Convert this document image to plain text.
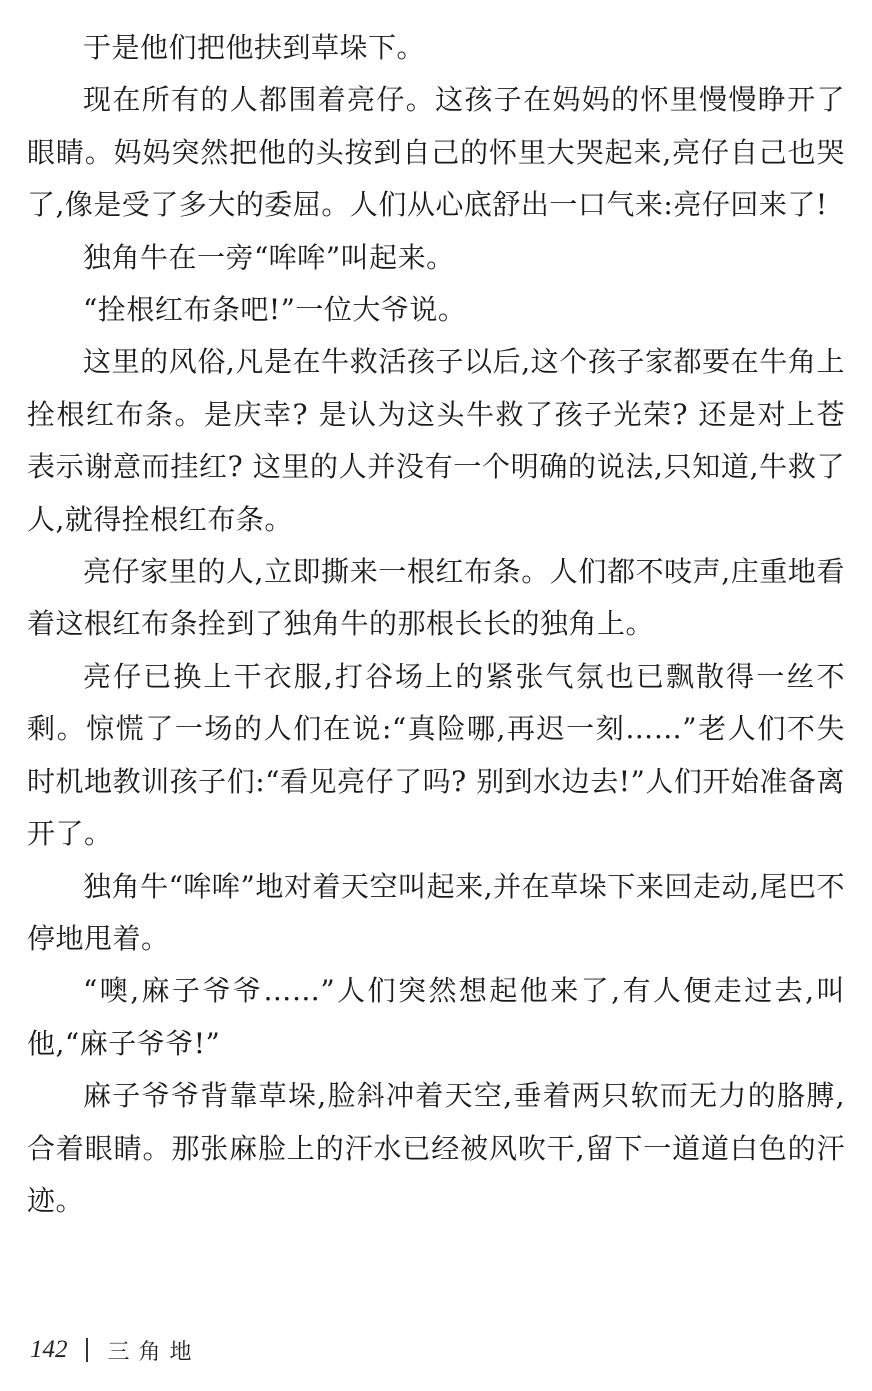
于是他们把他扶到草垛下。

现在所有的人都围着亮仔。这孩子在妈妈的怀里慢慢睁开了眼睛。妈妈突然把他的头按到自己的怀里大哭起来,亮仔自己也哭了,像是受了多大的委屈。人们从心底舒出一口气来:亮仔回来了!

独角牛在一旁“哞哞”叫起来。

“拴根红布条吧!”一位大爷说。

这里的风俗,凡是在牛救活孩子以后,这个孩子家都要在牛角上拴根红布条。是庆幸? 是认为这头牛救了孩子光荣? 还是对上苍表示谢意而挂红? 这里的人并没有一个明确的说法,只知道,牛救了人,就得拴根红布条。

亮仔家里的人,立即撕来一根红布条。人们都不吱声,庄重地看着这根红布条拴到了独角牛的那根长长的独角上。

亮仔已换上干衣服,打谷场上的紧张气氛也已飘散得一丝不剩。惊慌了一场的人们在说:“真险哪,再迟一刻……”老人们不失时机地教训孩子们:“看见亮仔了吗? 别到水边去!”人们开始准备离开了。

独角牛“哞哞”地对着天空叫起来,并在草垛下来回走动,尾巴不停地甩着。

“噢,麻子爷爷……”人们突然想起他来了,有人便走过去,叫他,“麻子爷爷!”

麻子爷爷背靠草垛,脸斜冲着天空,垂着两只软而无力的胳膊,合着眼睛。那张麻脸上的汗水已经被风吹干,留下一道道白色的汗迹。

142 三角地
